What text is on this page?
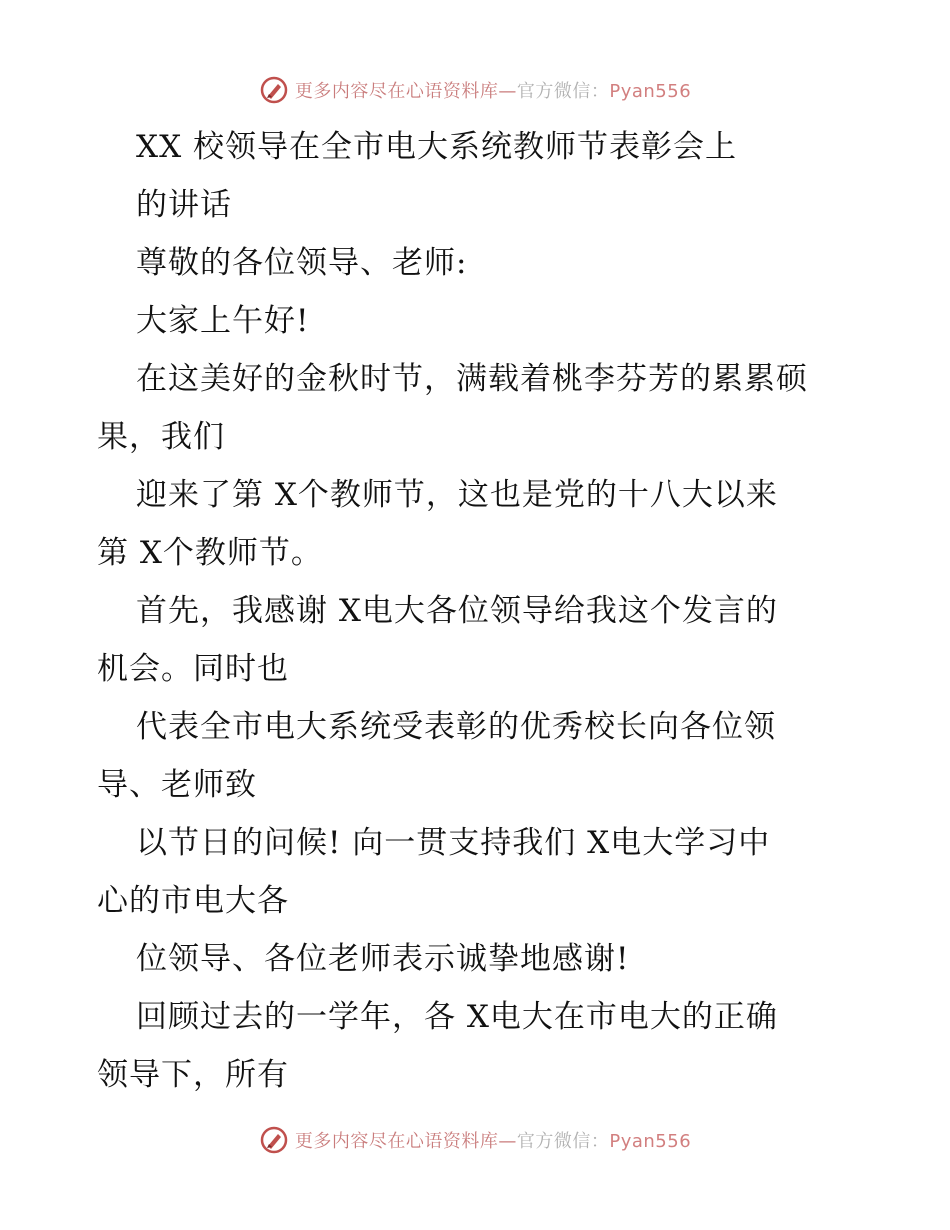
更多内容尽在心语资料库—官方微信：Pyan556
XX 校领导在全市电大系统教师节表彰会上
的讲话
尊敬的各位领导、老师:
大家上午好!
在这美好的金秋时节，满载着桃李芬芳的累累硕
果，我们
迎来了第 X个教师节，这也是党的十八大以来
第 X个教师节。
首先，我感谢 X电大各位领导给我这个发言的
机会。同时也
代表全市电大系统受表彰的优秀校长向各位领
导、老师致
以节日的问候! 向一贯支持我们 X电大学习中
心的市电大各
位领导、各位老师表示诚挚地感谢!
回顾过去的一学年，各 X电大在市电大的正确
领导下，所有
更多内容尽在心语资料库—官方微信：Pyan556
